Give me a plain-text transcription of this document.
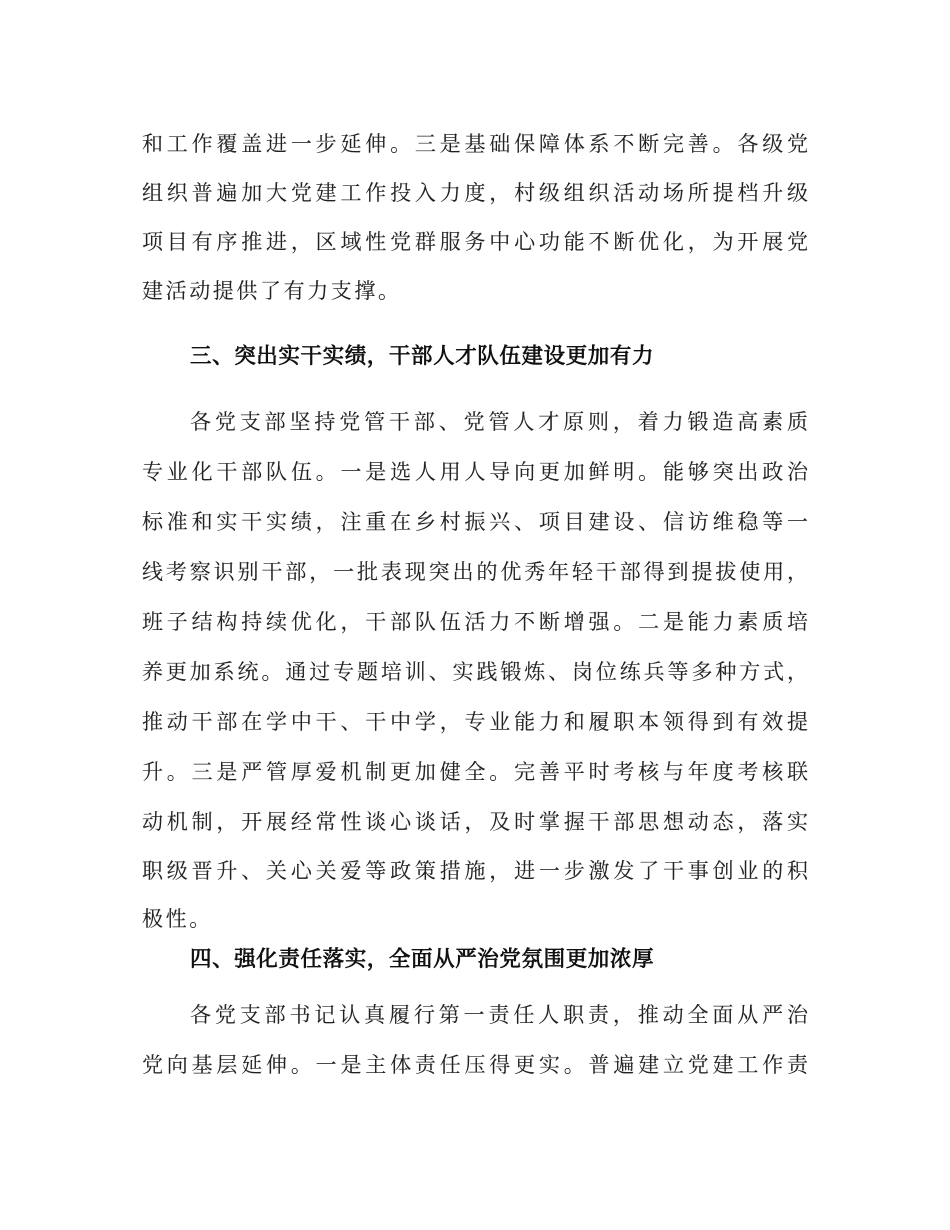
和工作覆盖进一步延伸。三是基础保障体系不断完善。各级党
组织普遍加大党建工作投入力度，村级组织活动场所提档升级
项目有序推进，区域性党群服务中心功能不断优化，为开展党
建活动提供了有力支撑。
三、突出实干实绩，干部人才队伍建设更加有力
各党支部坚持党管干部、党管人才原则，着力锻造高素质
专业化干部队伍。一是选人用人导向更加鲜明。能够突出政治
标准和实干实绩，注重在乡村振兴、项目建设、信访维稳等一
线考察识别干部，一批表现突出的优秀年轻干部得到提拔使用，
班子结构持续优化，干部队伍活力不断增强。二是能力素质培
养更加系统。通过专题培训、实践锻炼、岗位练兵等多种方式，
推动干部在学中干、干中学，专业能力和履职本领得到有效提
升。三是严管厚爱机制更加健全。完善平时考核与年度考核联
动机制，开展经常性谈心谈话，及时掌握干部思想动态，落实
职级晋升、关心关爱等政策措施，进一步激发了干事创业的积
极性。
四、强化责任落实，全面从严治党氛围更加浓厚
各党支部书记认真履行第一责任人职责，推动全面从严治
党向基层延伸。一是主体责任压得更实。普遍建立党建工作责
